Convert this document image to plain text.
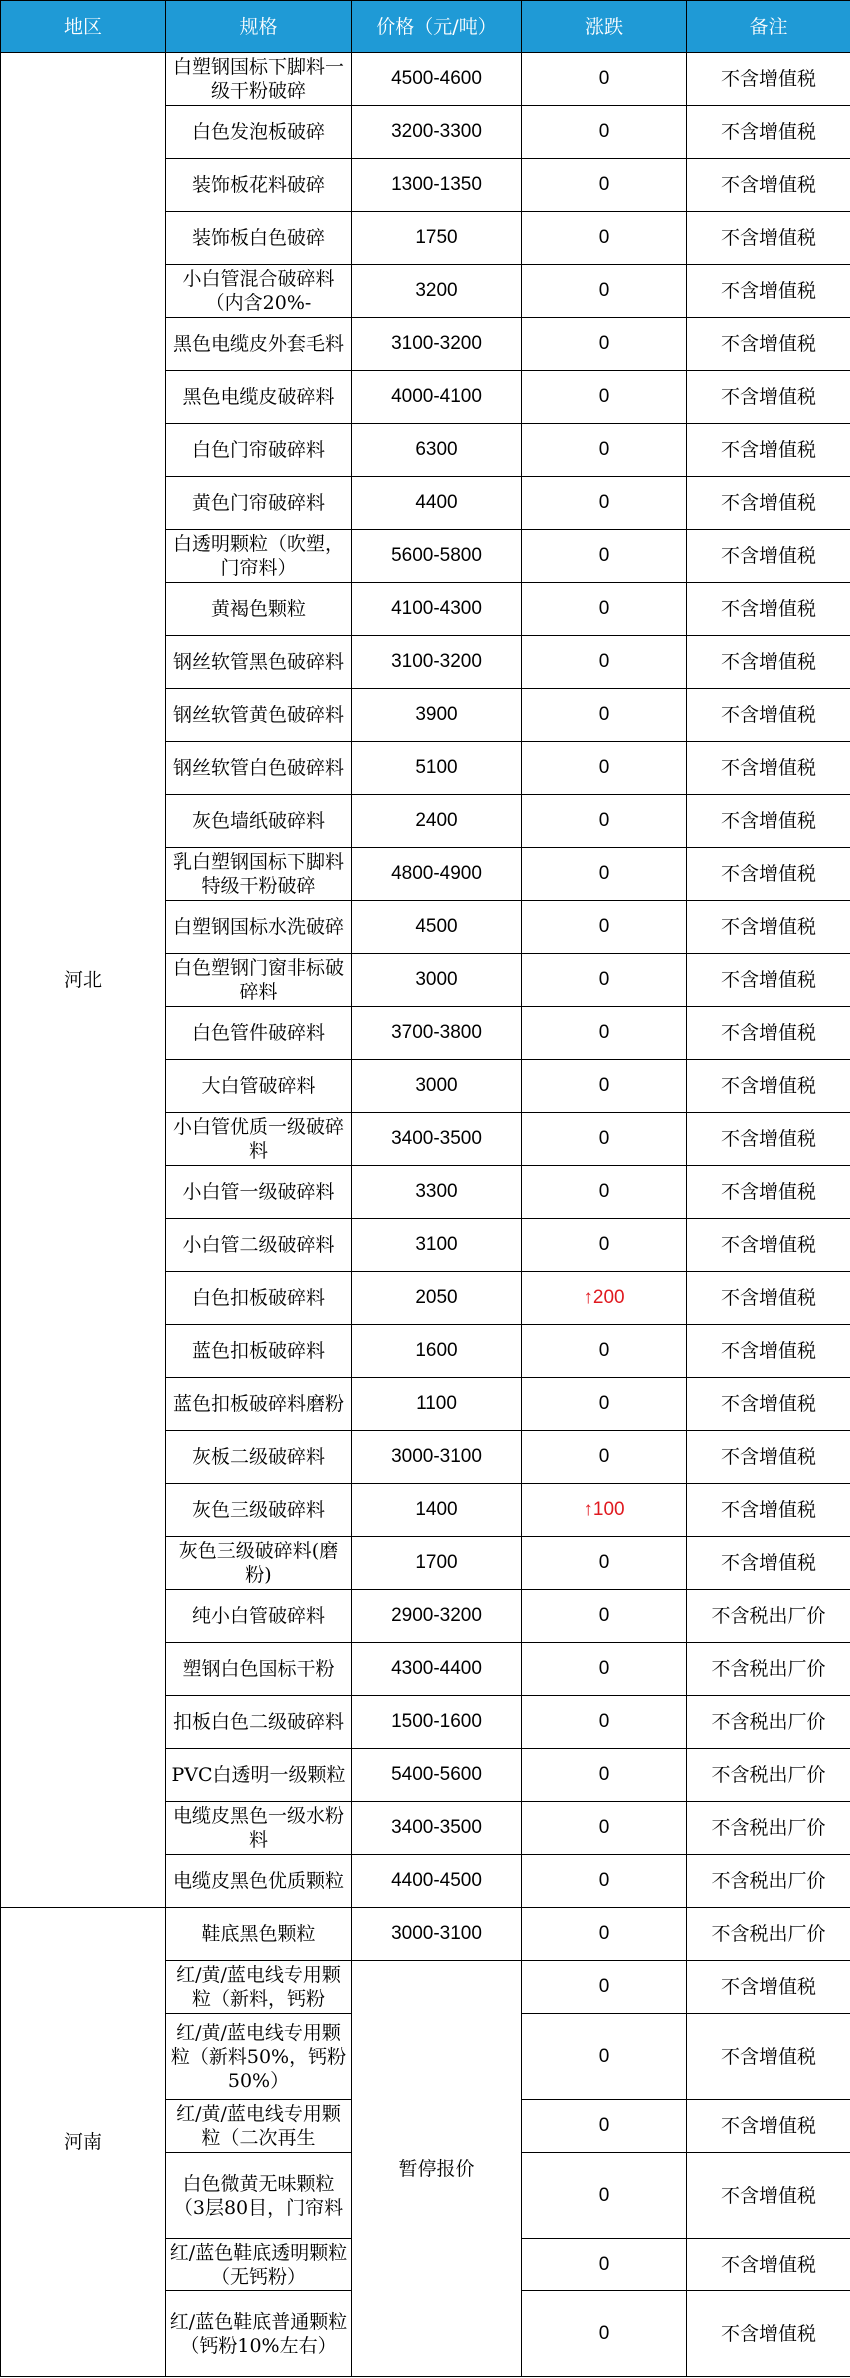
地区	规格	价格（元/吨）	涨跌	备注
河北	白塑钢国标下脚料一级干粉破碎	4500-4600	0	不含增值税
	白色发泡板破碎	3200-3300	0	不含增值税
	装饰板花料破碎	1300-1350	0	不含增值税
	装饰板白色破碎	1750	0	不含增值税
	小白管混合破碎料（内含20%-	3200	0	不含增值税
	黑色电缆皮外套毛料	3100-3200	0	不含增值税
	黑色电缆皮破碎料	4000-4100	0	不含增值税
	白色门帘破碎料	6300	0	不含增值税
	黄色门帘破碎料	4400	0	不含增值税
	白透明颗粒（吹塑，门帘料）	5600-5800	0	不含增值税
	黄褐色颗粒	4100-4300	0	不含增值税
	钢丝软管黑色破碎料	3100-3200	0	不含增值税
	钢丝软管黄色破碎料	3900	0	不含增值税
	钢丝软管白色破碎料	5100	0	不含增值税
	灰色墙纸破碎料	2400	0	不含增值税
	乳白塑钢国标下脚料特级干粉破碎	4800-4900	0	不含增值税
	白塑钢国标水洗破碎	4500	0	不含增值税
	白色塑钢门窗非标破碎料	3000	0	不含增值税
	白色管件破碎料	3700-3800	0	不含增值税
	大白管破碎料	3000	0	不含增值税
	小白管优质一级破碎料	3400-3500	0	不含增值税
	小白管一级破碎料	3300	0	不含增值税
	小白管二级破碎料	3100	0	不含增值税
	白色扣板破碎料	2050	↑200	不含增值税
	蓝色扣板破碎料	1600	0	不含增值税
	蓝色扣板破碎料磨粉	1100	0	不含增值税
	灰板二级破碎料	3000-3100	0	不含增值税
	灰色三级破碎料	1400	↑100	不含增值税
	灰色三级破碎料(磨粉)	1700	0	不含增值税
	纯小白管破碎料	2900-3200	0	不含税出厂价
	塑钢白色国标干粉	4300-4400	0	不含税出厂价
	扣板白色二级破碎料	1500-1600	0	不含税出厂价
	PVC白透明一级颗粒	5400-5600	0	不含税出厂价
	电缆皮黑色一级水粉料	3400-3500	0	不含税出厂价
	电缆皮黑色优质颗粒	4400-4500	0	不含税出厂价
河南	鞋底黑色颗粒	3000-3100	0	不含税出厂价
	红/黄/蓝电线专用颗粒（新料，钙粉	暂停报价	0	不含增值税
	红/黄/蓝电线专用颗粒（新料50%，钙粉50%）		0	不含增值税
	红/黄/蓝电线专用颗粒（二次再生		0	不含增值税
	白色微黄无味颗粒（3层80目，门帘料		0	不含增值税
	红/蓝色鞋底透明颗粒（无钙粉）		0	不含增值税
	红/蓝色鞋底普通颗粒（钙粉10%左右）		0	不含增值税
